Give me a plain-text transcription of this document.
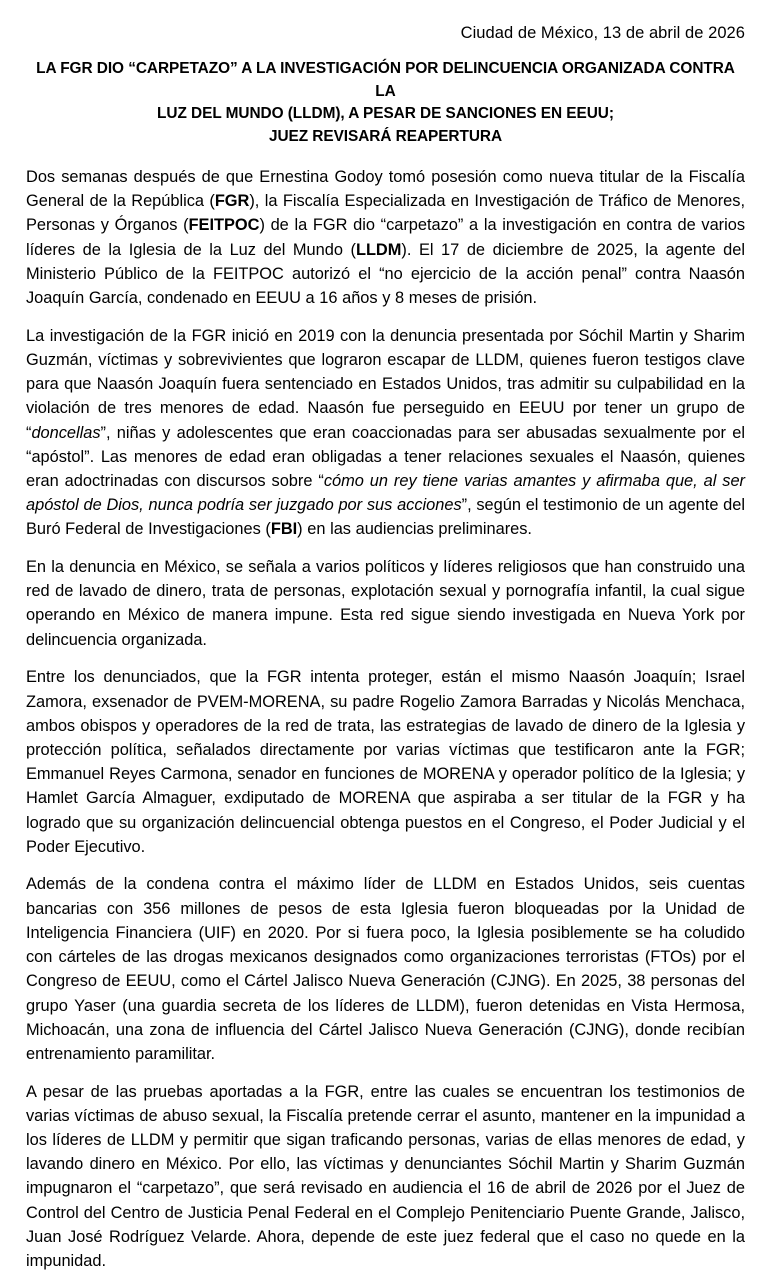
Ciudad de México, 13 de abril de 2026
LA FGR DIO “CARPETAZO” A LA INVESTIGACIÓN POR DELINCUENCIA ORGANIZADA CONTRA LA
LUZ DEL MUNDO (LLDM), A PESAR DE SANCIONES EN EEUU;
JUEZ REVISARÁ REAPERTURA

Dos semanas después de que Ernestina Godoy tomó posesión como nueva titular de la Fiscalía General de la República (FGR), la Fiscalía Especializada en Investigación de Tráfico de Menores, Personas y Órganos (FEITPOC) de la FGR dio “carpetazo” a la investigación en contra de varios líderes de la Iglesia de la Luz del Mundo (LLDM). El 17 de diciembre de 2025, la agente del Ministerio Público de la FEITPOC autorizó el “no ejercicio de la acción penal” contra Naasón Joaquín García, condenado en EEUU a 16 años y 8 meses de prisión.

La investigación de la FGR inició en 2019 con la denuncia presentada por Sóchil Martin y Sharim Guzmán, víctimas y sobrevivientes que lograron escapar de LLDM, quienes fueron testigos clave para que Naasón Joaquín fuera sentenciado en Estados Unidos, tras admitir su culpabilidad en la violación de tres menores de edad. Naasón fue perseguido en EEUU por tener un grupo de “doncellas”, niñas y adolescentes que eran coaccionadas para ser abusadas sexualmente por el “apóstol”. Las menores de edad eran obligadas a tener relaciones sexuales el Naasón, quienes eran adoctrinadas con discursos sobre “cómo un rey tiene varias amantes y afirmaba que, al ser apóstol de Dios, nunca podría ser juzgado por sus acciones”, según el testimonio de un agente del Buró Federal de Investigaciones (FBI) en las audiencias preliminares.

En la denuncia en México, se señala a varios políticos y líderes religiosos que han construido una red de lavado de dinero, trata de personas, explotación sexual y pornografía infantil, la cual sigue operando en México de manera impune. Esta red sigue siendo investigada en Nueva York por delincuencia organizada.

Entre los denunciados, que la FGR intenta proteger, están el mismo Naasón Joaquín; Israel Zamora, exsenador de PVEM-MORENA, su padre Rogelio Zamora Barradas y Nicolás Menchaca, ambos obispos y operadores de la red de trata, las estrategias de lavado de dinero de la Iglesia y protección política, señalados directamente por varias víctimas que testificaron ante la FGR; Emmanuel Reyes Carmona, senador en funciones de MORENA y operador político de la Iglesia; y Hamlet García Almaguer, exdiputado de MORENA que aspiraba a ser titular de la FGR y ha logrado que su organización delincuencial obtenga puestos en el Congreso, el Poder Judicial y el Poder Ejecutivo.

Además de la condena contra el máximo líder de LLDM en Estados Unidos, seis cuentas bancarias con 356 millones de pesos de esta Iglesia fueron bloqueadas por la Unidad de Inteligencia Financiera (UIF) en 2020. Por si fuera poco, la Iglesia posiblemente se ha coludido con cárteles de las drogas mexicanos designados como organizaciones terroristas (FTOs) por el Congreso de EEUU, como el Cártel Jalisco Nueva Generación (CJNG). En 2025, 38 personas del grupo Yaser (una guardia secreta de los líderes de LLDM), fueron detenidas en Vista Hermosa, Michoacán, una zona de influencia del Cártel Jalisco Nueva Generación (CJNG), donde recibían entrenamiento paramilitar.

A pesar de las pruebas aportadas a la FGR, entre las cuales se encuentran los testimonios de varias víctimas de abuso sexual, la Fiscalía pretende cerrar el asunto, mantener en la impunidad a los líderes de LLDM y permitir que sigan traficando personas, varias de ellas menores de edad, y lavando dinero en México. Por ello, las víctimas y denunciantes Sóchil Martin y Sharim Guzmán impugnaron el “carpetazo”, que será revisado en audiencia el 16 de abril de 2026 por el Juez de Control del Centro de Justicia Penal Federal en el Complejo Penitenciario Puente Grande, Jalisco, Juan José Rodríguez Velarde. Ahora, depende de este juez federal que el caso no quede en la impunidad.
